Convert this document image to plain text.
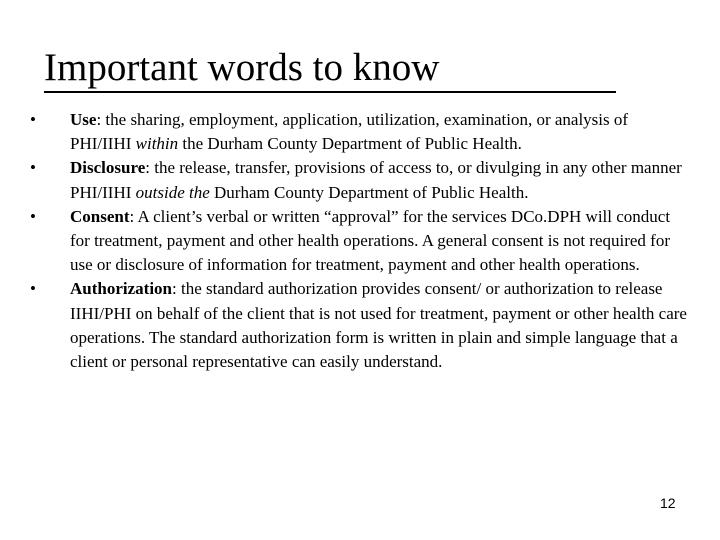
Important words to know
• Use: the sharing, employment, application, utilization, examination, or analysis of PHI/IIHI within the Durham County Department of Public Health.
• Disclosure: the release, transfer, provisions of access to, or divulging in any other manner PHI/IIHI outside the Durham County Department of Public Health.
• Consent: A client’s verbal or written “approval” for the services DCo.DPH will conduct for treatment, payment and other health operations. A general consent is not required for use or disclosure of information for treatment, payment and other health operations.
• Authorization: the standard authorization provides consent/ or authorization to release IIHI/PHI on behalf of the client that is not used for treatment, payment or other health care operations. The standard authorization form is written in plain and simple language that a client or personal representative can easily understand.
12
